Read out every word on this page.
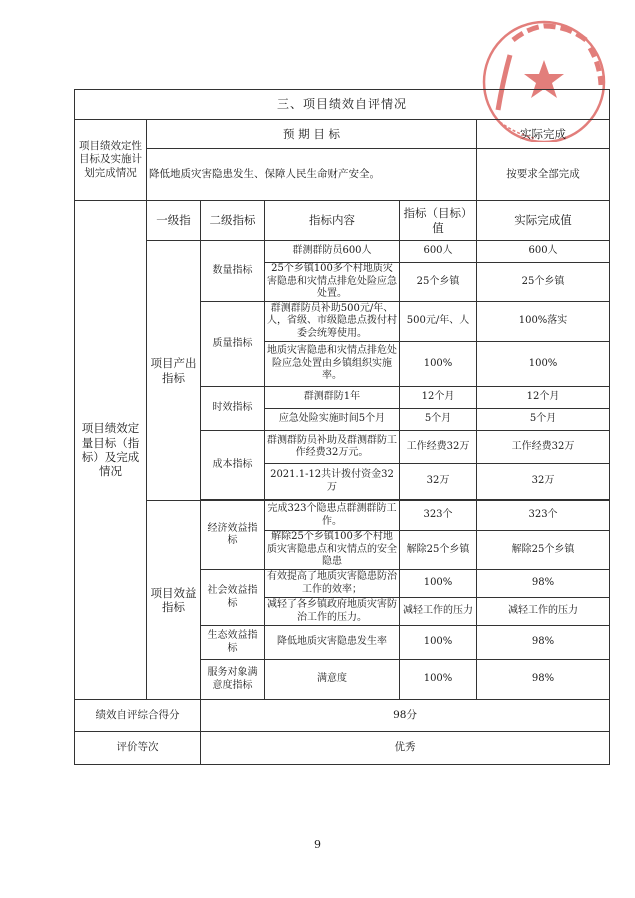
三、项目绩效自评情况					
项目绩效定性目标及实施计划完成情况	预 期 目 标				实际完成
	降低地质灾害隐患发生、保障人民生命财产安全。				按要求全部完成
项目绩效定量目标（指标）及完成情况	一级指	二级指标	指标内容	指标（目标）值	实际完成值
	项目产出指标	数量指标	群测群防员600人	600人	600人
			25个乡镇100多个村地质灾害隐患和灾情点排危处险应急处置。	25个乡镇	25个乡镇
		质量指标	群测群防员补助500元/年、人，省级、市级隐患点拨付村委会统筹使用。	500元/年、人	100%落实
			地质灾害隐患和灾情点排危处险应急处置由乡镇组织实施率。	100%	100%
		时效指标	群测群防1年	12个月	12个月
			应急处险实施时间5个月	5个月	5个月
		成本指标	群测群防员补助及群测群防工作经费32万元。	工作经费32万	工作经费32万
			2021.1-12共计拨付资金32万	32万	32万

	项目效益指标	经济效益指标	完成323个隐患点群测群防工作。	323个	323个
			解除25个乡镇100多个村地质灾害隐患点和灾情点的安全隐患	解除25个乡镇	解除25个乡镇
		社会效益指标	有效提高了地质灾害隐患防治工作的效率；	100%	98%
			减轻了各乡镇政府地质灾害防治工作的压力。	减轻工作的压力	减轻工作的压力
		生态效益指标	降低地质灾害隐患发生率	100%	98%
		服务对象满意度指标	满意度	100%	98%
绩效自评综合得分		98分			
评价等次		优秀			
9
